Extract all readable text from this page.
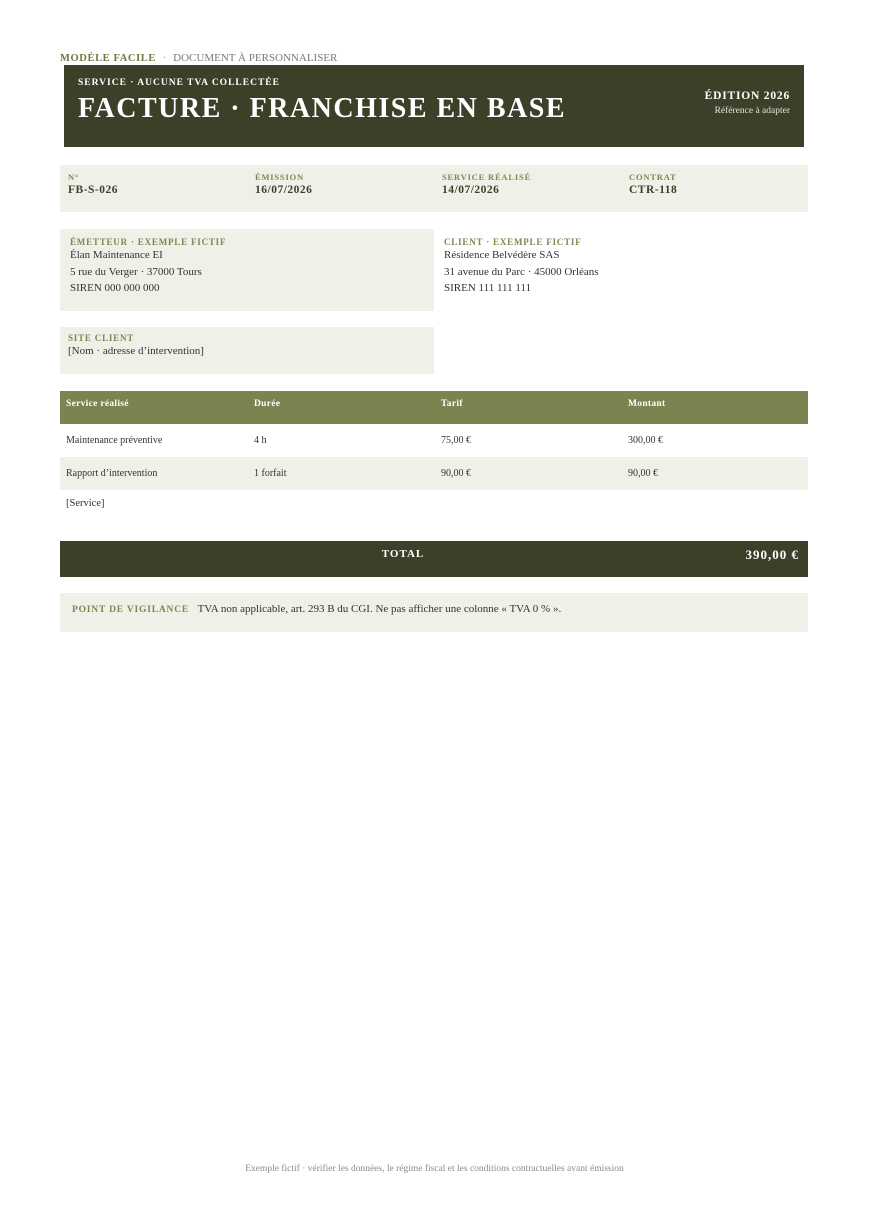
MODÈLE FACILE · DOCUMENT À PERSONNALISER
SERVICE · AUCUNE TVA COLLECTÉE
FACTURE · FRANCHISE EN BASE	ÉDITION 2026
Référence à adapter
N°
FB-S-026
ÉMISSION
16/07/2026
SERVICE RÉALISÉ
14/07/2026
CONTRAT
CTR-118
ÉMETTEUR · EXEMPLE FICTIF
Élan Maintenance EI
5 rue du Verger · 37000 Tours
SIREN 000 000 000
CLIENT · EXEMPLE FICTIF
Résidence Belvédère SAS
31 avenue du Parc · 45000 Orléans
SIREN 111 111 111
SITE CLIENT
[Nom · adresse d’intervention]
Service réalisé	Durée	Tarif	Montant
Maintenance préventive	4 h	75,00 €	300,00 €
Rapport d’intervention	1 forfait	90,00 €	90,00 €
[Service]
TOTAL	390,00 €
POINT DE VIGILANCE TVA non applicable, art. 293 B du CGI. Ne pas afficher une colonne « TVA 0 % ».
Exemple fictif · vérifier les données, le régime fiscal et les conditions contractuelles avant émission
